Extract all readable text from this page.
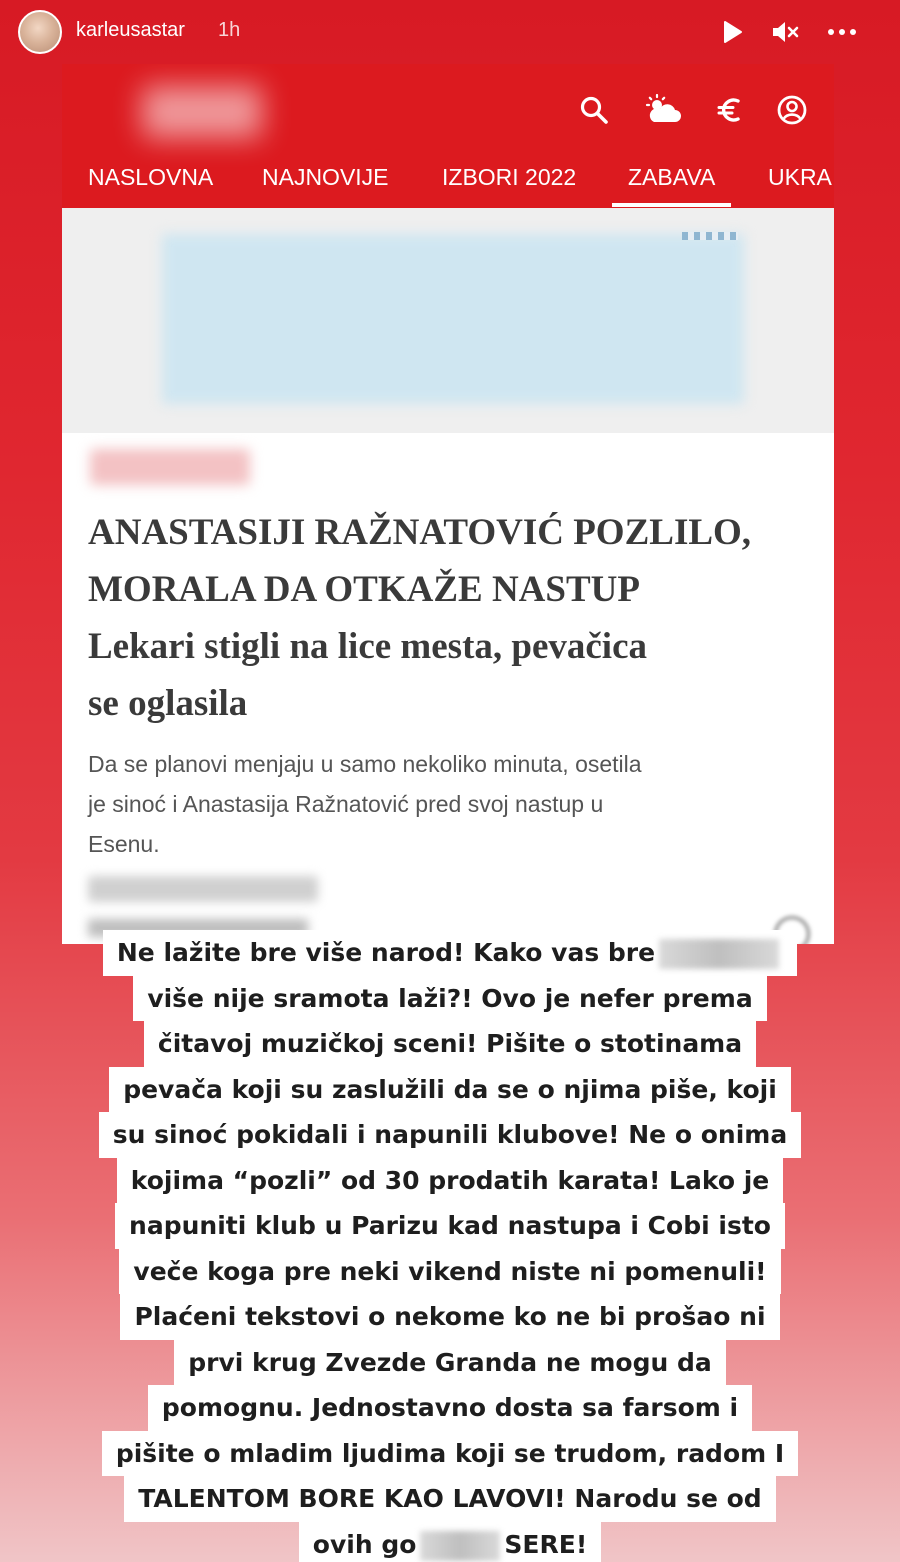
karleusastar 1h
NASLOVNA NAJNOVIJE IZBORI 2022 ZABAVA UKRA
ANASTASIJI RAŽNATOVIĆ POZLILO,
MORALA DA OTKAŽE NASTUP
Lekari stigli na lice mesta, pevačica
se oglasila

Da se planovi menjaju u samo nekoliko minuta, osetila
je sinoć i Anastasija Ražnatović pred svoj nastup u
Esenu.

Ne lažite bre više narod! Kako vas bre
više nije sramota laži?! Ovo je nefer prema
čitavoj muzičkoj sceni! Pišite o stotinama
pevača koji su zaslužili da se o njima piše, koji
su sinoć pokidali i napunili klubove! Ne o onima
kojima “pozli” od 30 prodatih karata! Lako je
napuniti klub u Parizu kad nastupa i Cobi isto
veče koga pre neki vikend niste ni pomenuli!
Plaćeni tekstovi o nekome ko ne bi prošao ni
prvi krug Zvezde Granda ne mogu da
pomognu. Jednostavno dosta sa farsom i
pišite o mladim ljudima koji se trudom, radom I
TALENTOM BORE KAO LAVOVI! Narodu se od
ovih go	SERE!
